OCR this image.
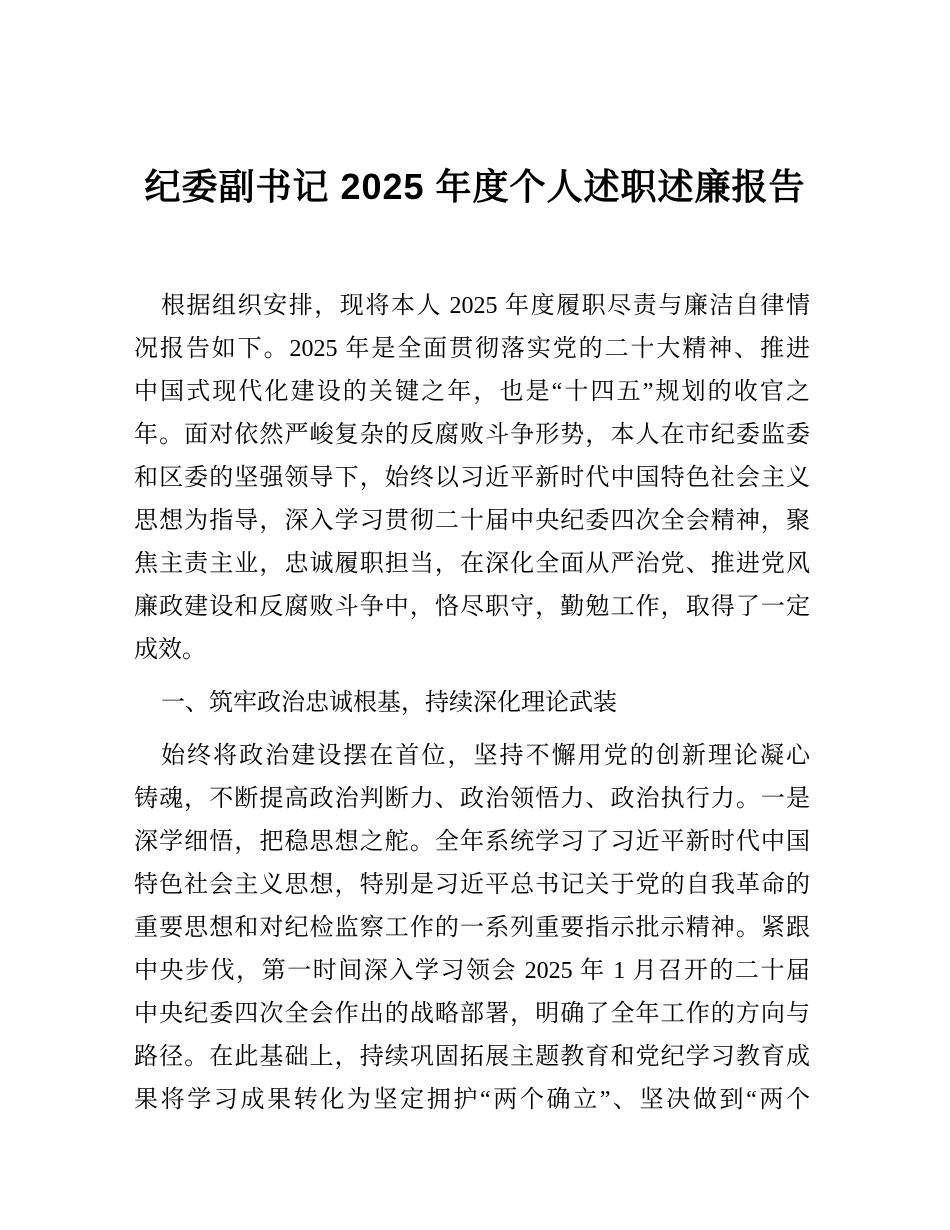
纪委副书记 2025 年度个人述职述廉报告
根据组织安排，现将本人 2025 年度履职尽责与廉洁自律情
况报告如下。2025 年是全面贯彻落实党的二十大精神、推进
中国式现代化建设的关键之年，也是“十四五”规划的收官之
年。面对依然严峻复杂的反腐败斗争形势，本人在市纪委监委
和区委的坚强领导下，始终以习近平新时代中国特色社会主义
思想为指导，深入学习贯彻二十届中央纪委四次全会精神，聚
焦主责主业，忠诚履职担当，在深化全面从严治党、推进党风
廉政建设和反腐败斗争中，恪尽职守，勤勉工作，取得了一定
成效。
一、筑牢政治忠诚根基，持续深化理论武装
始终将政治建设摆在首位，坚持不懈用党的创新理论凝心
铸魂，不断提高政治判断力、政治领悟力、政治执行力。一是
深学细悟，把稳思想之舵。全年系统学习了习近平新时代中国
特色社会主义思想，特别是习近平总书记关于党的自我革命的
重要思想和对纪检监察工作的一系列重要指示批示精神。紧跟
中央步伐，第一时间深入学习领会 2025 年 1 月召开的二十届
中央纪委四次全会作出的战略部署，明确了全年工作的方向与
路径。在此基础上，持续巩固拓展主题教育和党纪学习教育成
果将学习成果转化为坚定拥护“两个确立”、坚决做到“两个
